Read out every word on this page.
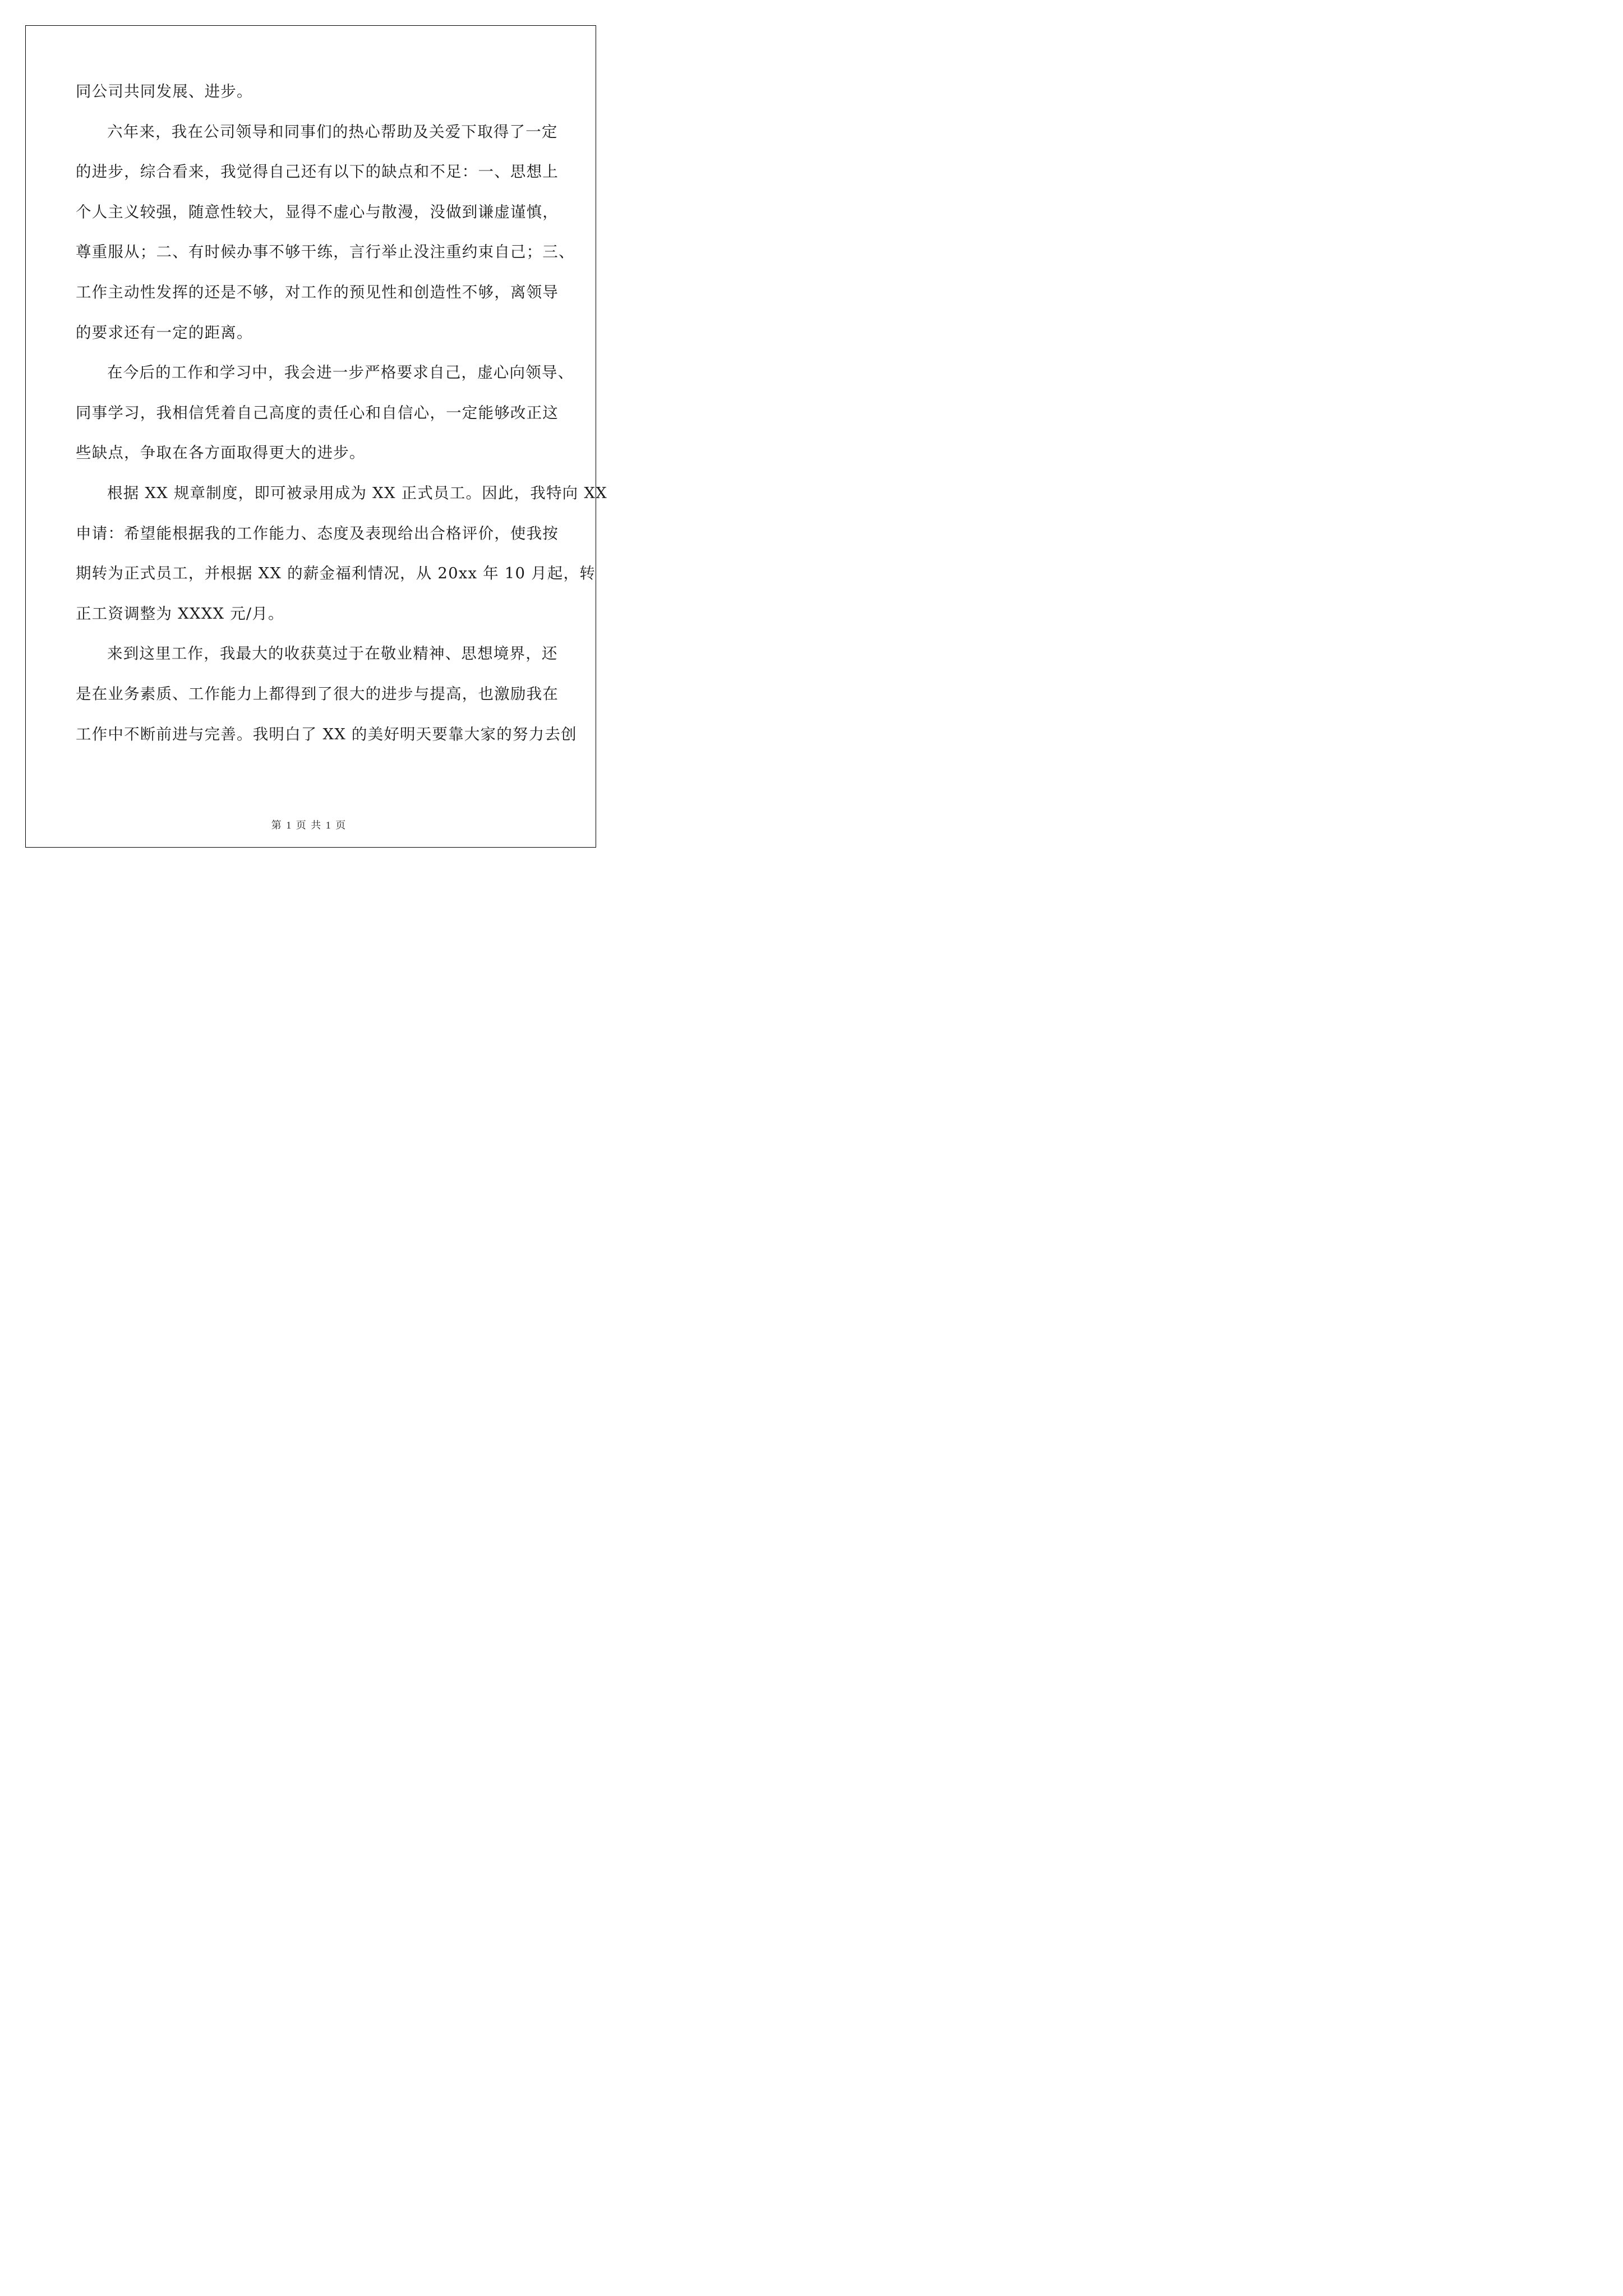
同公司共同发展、进步。
六年来，我在公司领导和同事们的热心帮助及关爱下取得了一定
的进步，综合看来，我觉得自己还有以下的缺点和不足：一、思想上
个人主义较强，随意性较大，显得不虚心与散漫，没做到谦虚谨慎，
尊重服从；二、有时候办事不够干练，言行举止没注重约束自己；三、
工作主动性发挥的还是不够，对工作的预见性和创造性不够，离领导
的要求还有一定的距离。
在今后的工作和学习中，我会进一步严格要求自己，虚心向领导、
同事学习，我相信凭着自己高度的责任心和自信心，一定能够改正这
些缺点，争取在各方面取得更大的进步。
根据 XX 规章制度，即可被录用成为 XX 正式员工。因此，我特向 XX
申请：希望能根据我的工作能力、态度及表现给出合格评价，使我按
期转为正式员工，并根据 XX 的薪金福利情况，从 20xx 年 10 月起，转
正工资调整为 XXXX 元/月。
来到这里工作，我最大的收获莫过于在敬业精神、思想境界，还
是在业务素质、工作能力上都得到了很大的进步与提高，也激励我在
工作中不断前进与完善。我明白了 XX 的美好明天要靠大家的努力去创
第 1 页 共 1 页
